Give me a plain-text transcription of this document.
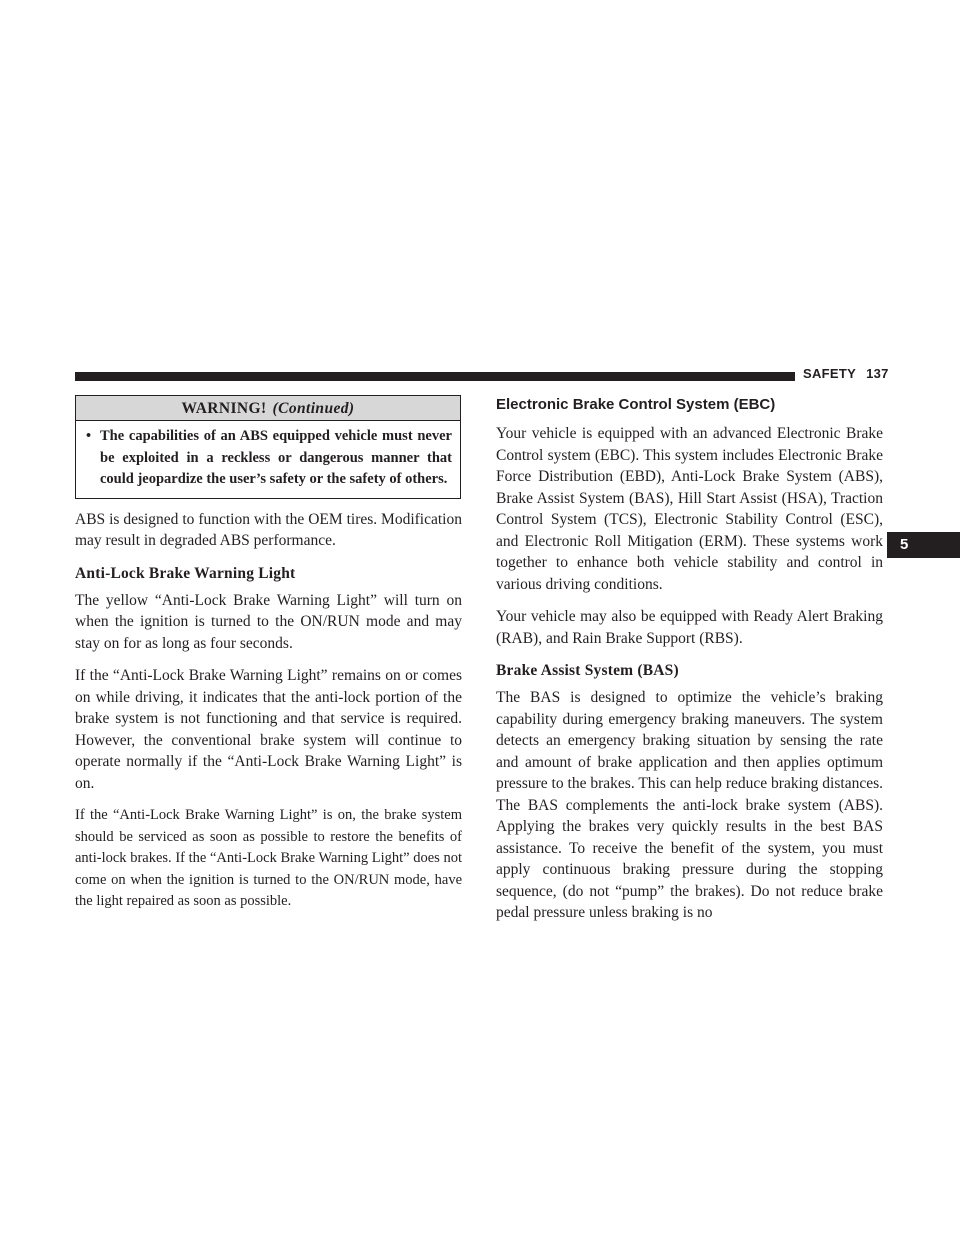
SAFETY 137
5
WARNING! (Continued)
• The capabilities of an ABS equipped vehicle must never be exploited in a reckless or dangerous manner that could jeopardize the user’s safety or the safety of others.

ABS is designed to function with the OEM tires. Modification may result in degraded ABS performance.

Anti-Lock Brake Warning Light

The yellow “Anti-Lock Brake Warning Light” will turn on when the ignition is turned to the ON/RUN mode and may stay on for as long as four seconds.

If the “Anti-Lock Brake Warning Light” remains on or comes on while driving, it indicates that the anti-lock portion of the brake system is not functioning and that service is required. However, the conventional brake system will continue to operate normally if the “Anti-Lock Brake Warning Light” is on.

If the “Anti-Lock Brake Warning Light” is on, the brake system should be serviced as soon as possible to restore the benefits of anti-lock brakes. If the “Anti-Lock Brake Warning Light” does not come on when the ignition is turned to the ON/RUN mode, have the light repaired as soon as possible.

Electronic Brake Control System (EBC)

Your vehicle is equipped with an advanced Electronic Brake Control system (EBC). This system includes Electronic Brake Force Distribution (EBD), Anti-Lock Brake System (ABS), Brake Assist System (BAS), Hill Start Assist (HSA), Traction Control System (TCS), Electronic Stability Control (ESC), and Electronic Roll Mitigation (ERM). These systems work together to enhance both vehicle stability and control in various driving conditions.

Your vehicle may also be equipped with Ready Alert Braking (RAB), and Rain Brake Support (RBS).

Brake Assist System (BAS)

The BAS is designed to optimize the vehicle’s braking capability during emergency braking maneuvers. The system detects an emergency braking situation by sensing the rate and amount of brake application and then applies optimum pressure to the brakes. This can help reduce braking distances. The BAS complements the anti-lock brake system (ABS). Applying the brakes very quickly results in the best BAS assistance. To receive the benefit of the system, you must apply continuous braking pressure during the stopping sequence, (do not “pump” the brakes). Do not reduce brake pedal pressure unless braking is no
